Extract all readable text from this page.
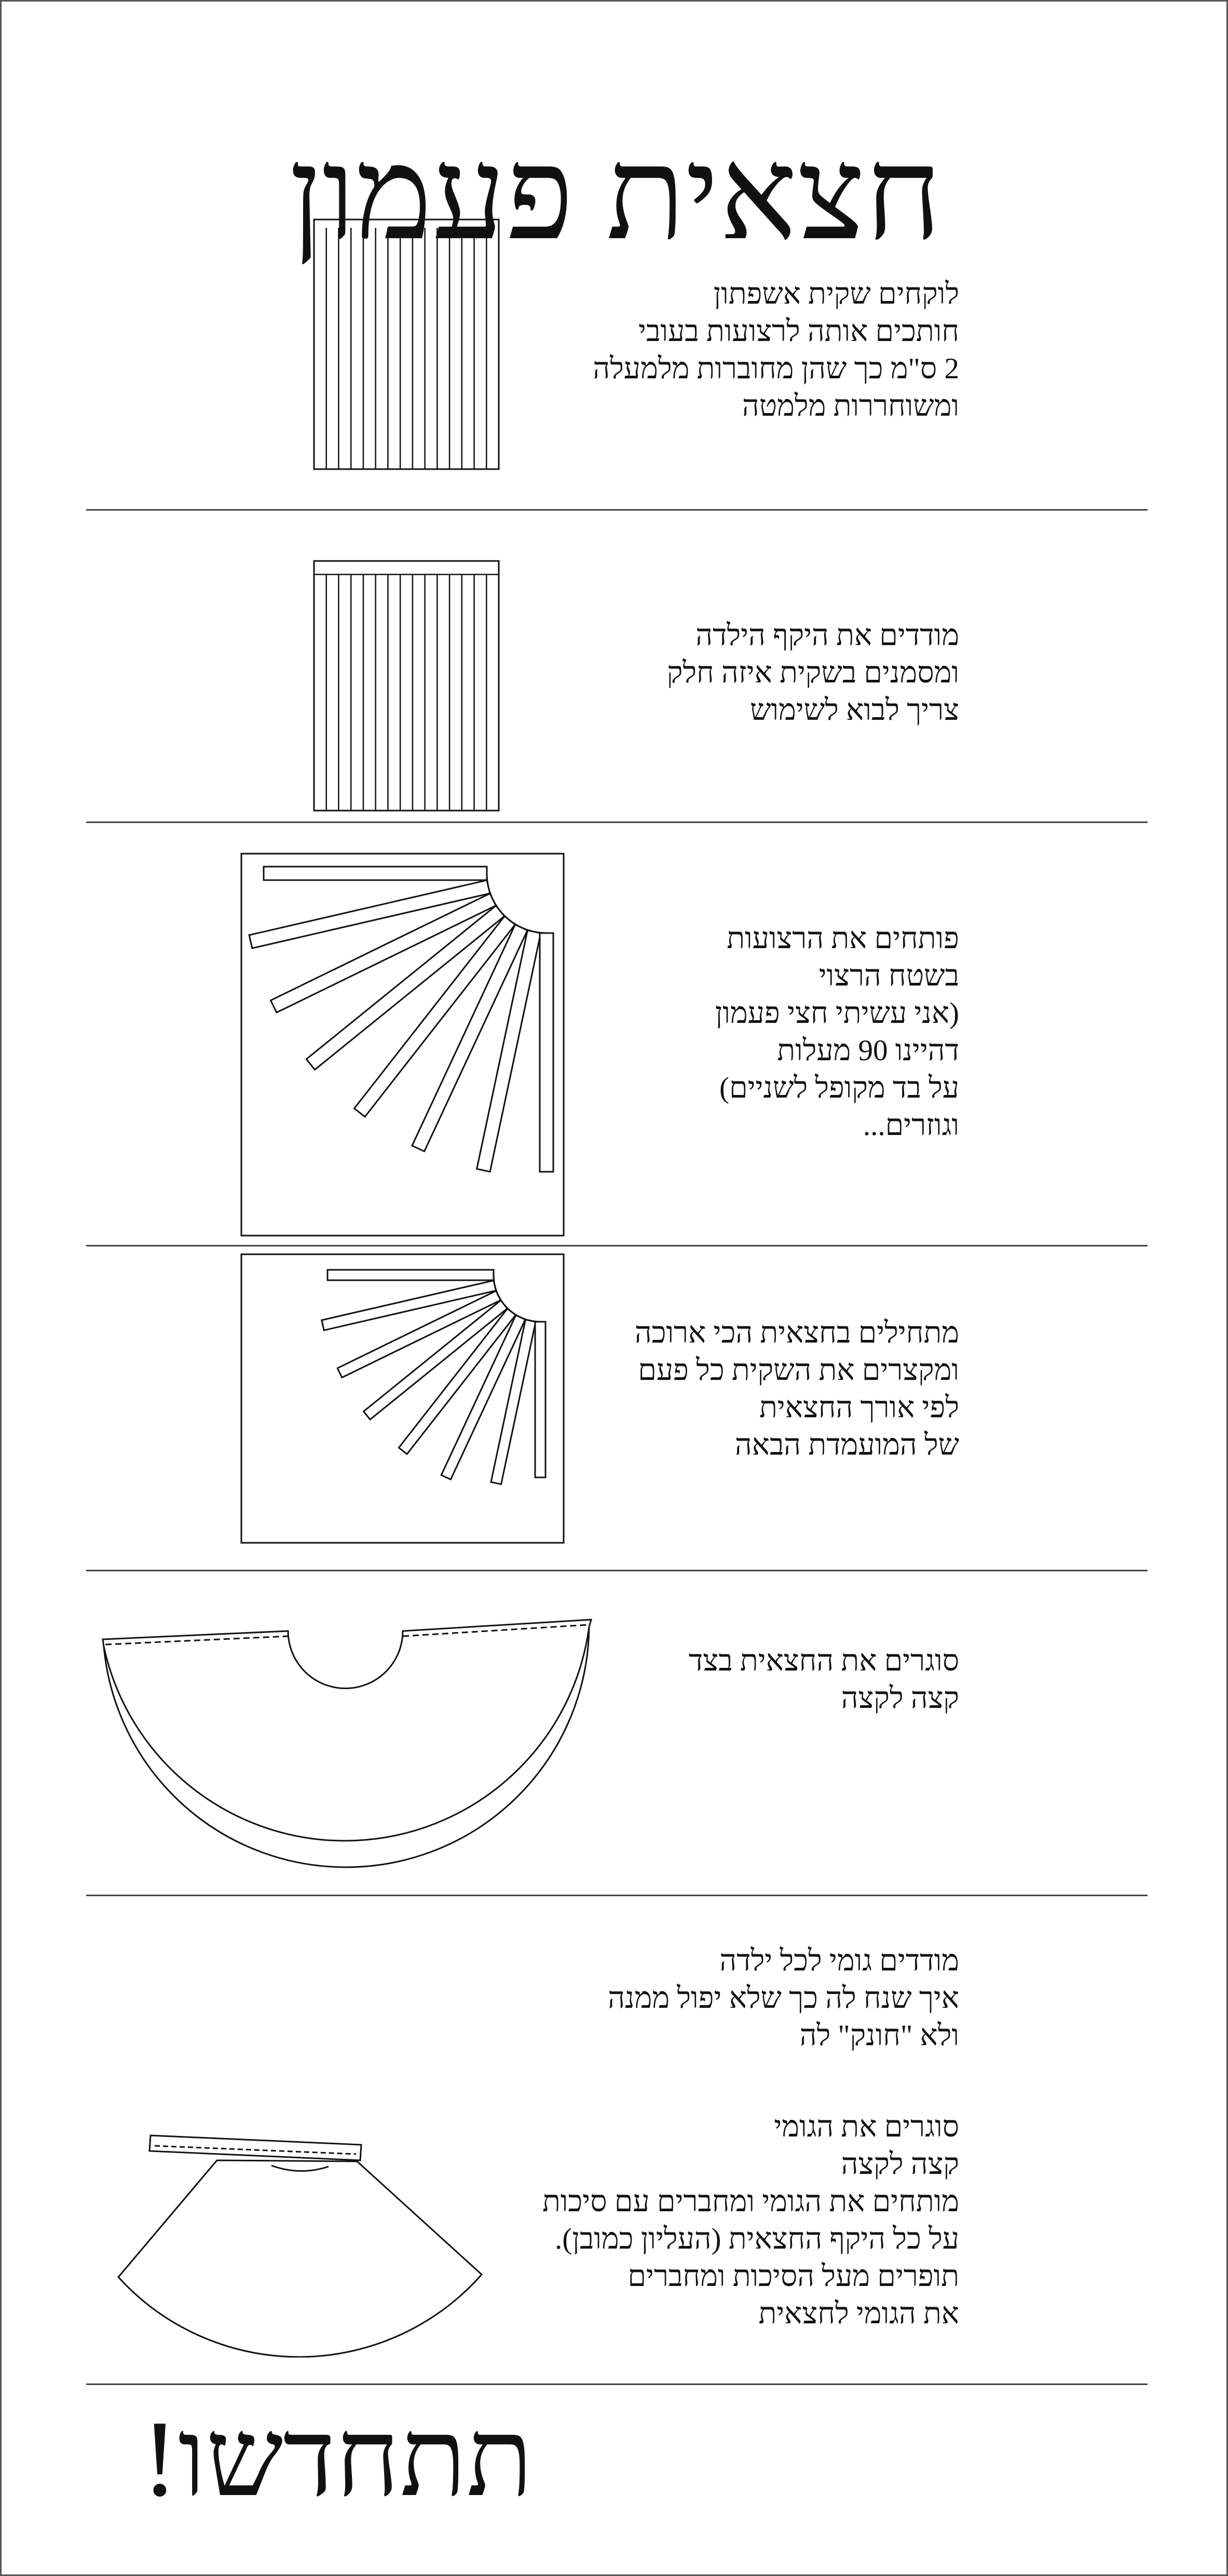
חצאית פעמון
לוקחים שקית אשפתון
חותכים אותה לרצועות בעובי
2 ס"מ כך שהן מחוברות מלמעלה
ומשוחררות מלמטה
מודדים את היקף הילדה
ומסמנים בשקית איזה חלק
צריך לבוא לשימוש
פותחים את הרצועות
בשטח הרצוי
(אני עשיתי חצי פעמון
דהיינו 90 מעלות
על בד מקופל לשניים)
וגוזרים...
מתחילים בחצאית הכי ארוכה
ומקצרים את השקית כל פעם
לפי אורך החצאית
של המועמדת הבאה
סוגרים את החצאית בצד
קצה לקצה
מודדים גומי לכל ילדה
איך שנח לה כך שלא יפול ממנה
ולא "חונק" לה
סוגרים את הגומי
קצה לקצה
מותחים את הגומי ומחברים עם סיכות
על כל היקף החצאית (העליון כמובן).
תופרים מעל הסיכות ומחברים
את הגומי לחצאית
תתחדשו!
